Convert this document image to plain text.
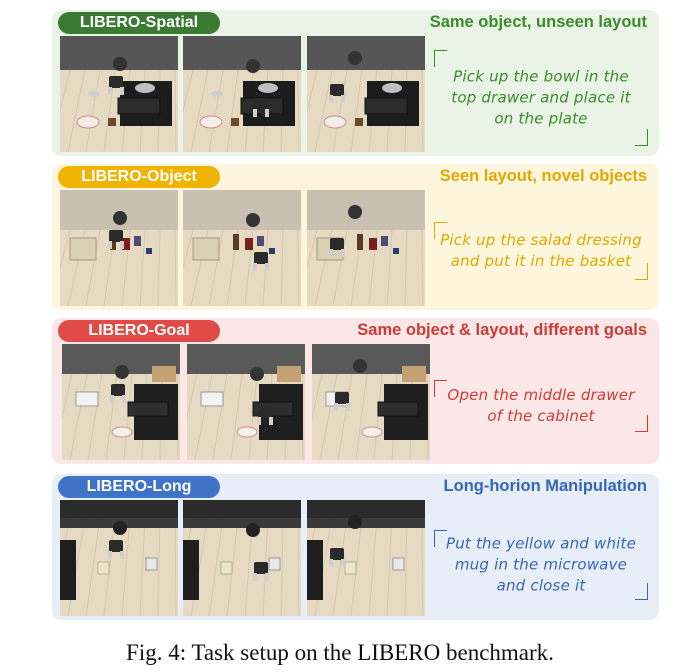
LIBERO-Spatial	Same object, unseen layout
Pick up the bowl in the
top drawer and place it
on the plate
LIBERO-Object	Seen layout, novel objects
Pick up the salad dressing
and put it in the basket
LIBERO-Goal	Same object & layout, different goals
Open the middle drawer
of the cabinet
LIBERO-Long	Long-horion Manipulation
Put the yellow and white
mug in the microwave
and close it
Fig. 4: Task setup on the LIBERO benchmark.
